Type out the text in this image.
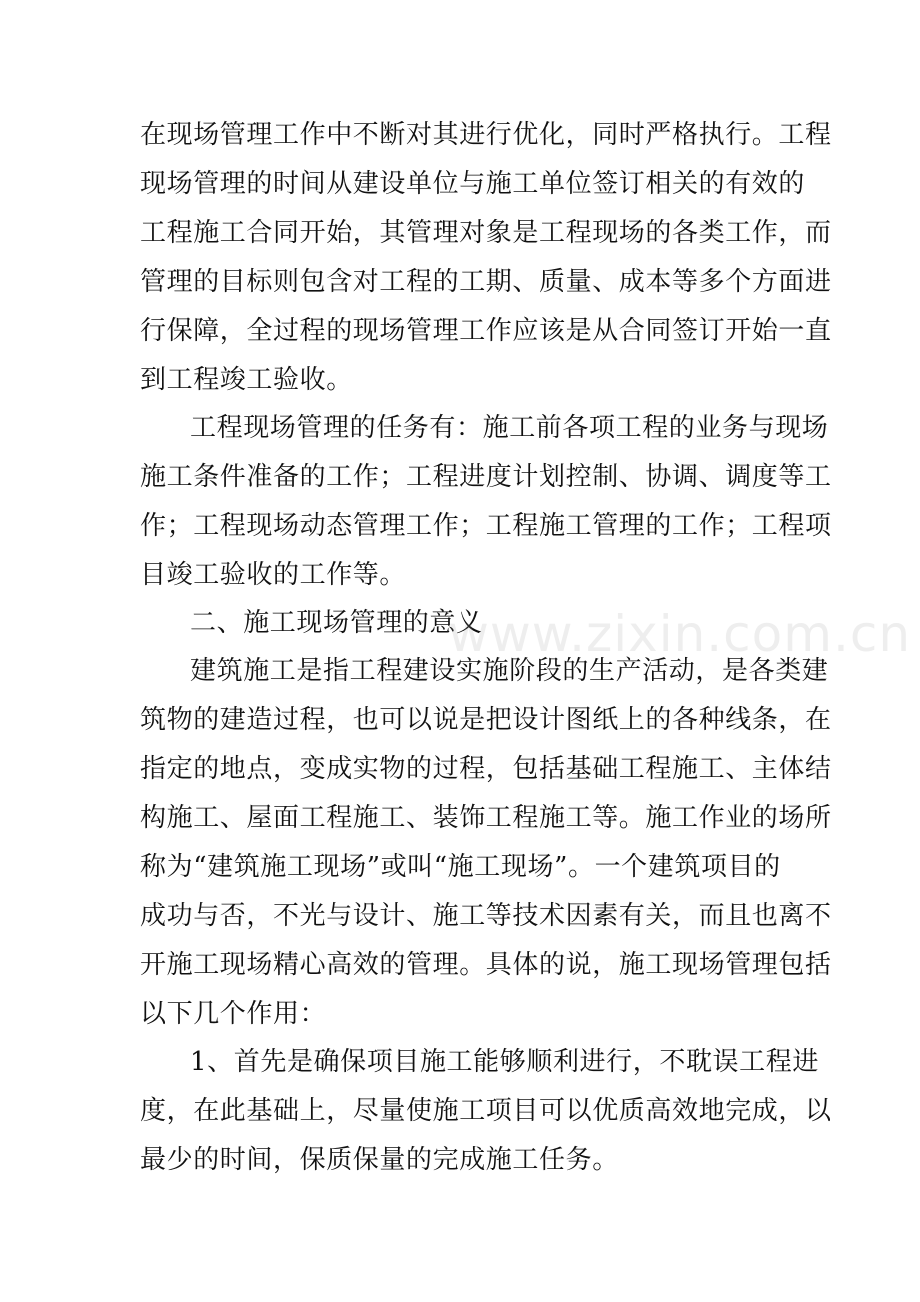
在现场管理工作中不断对其进行优化，同时严格执行。工程
现场管理的时间从建设单位与施工单位签订相关的有效的
工程施工合同开始，其管理对象是工程现场的各类工作，而
管理的目标则包含对工程的工期、质量、成本等多个方面进
行保障，全过程的现场管理工作应该是从合同签订开始一直
到工程竣工验收。
工程现场管理的任务有：施工前各项工程的业务与现场
施工条件准备的工作；工程进度计划控制、协调、调度等工
作；工程现场动态管理工作；工程施工管理的工作；工程项
目竣工验收的工作等。
二、施工现场管理的意义
建筑施工是指工程建设实施阶段的生产活动，是各类建
筑物的建造过程，也可以说是把设计图纸上的各种线条，在
指定的地点，变成实物的过程，包括基础工程施工、主体结
构施工、屋面工程施工、装饰工程施工等。施工作业的场所
称为“建筑施工现场”或叫“施工现场”。一个建筑项目的
成功与否，不光与设计、施工等技术因素有关，而且也离不
开施工现场精心高效的管理。具体的说，施工现场管理包括
以下几个作用：
1、首先是确保项目施工能够顺利进行，不耽误工程进
度，在此基础上，尽量使施工项目可以优质高效地完成，以
最少的时间，保质保量的完成施工任务。
www.zixin.com.cn
